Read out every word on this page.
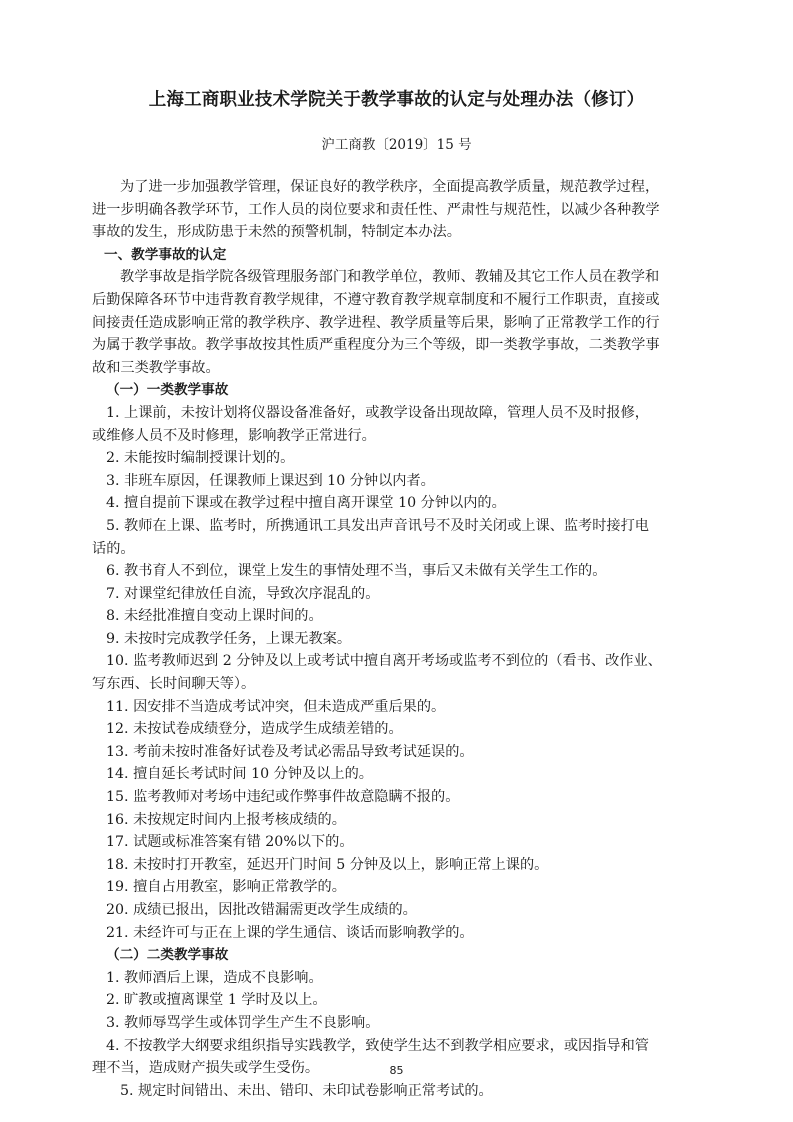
上海工商职业技术学院关于教学事故的认定与处理办法（修订）
沪工商教〔2019〕15 号

为了进一步加强教学管理，保证良好的教学秩序，全面提高教学质量，规范教学过程，

进一步明确各教学环节，工作人员的岗位要求和责任性、严肃性与规范性，以减少各种教学

事故的发生，形成防患于未然的预警机制，特制定本办法。

一、教学事故的认定

教学事故是指学院各级管理服务部门和教学单位，教师、教辅及其它工作人员在教学和

后勤保障各环节中违背教育教学规律，不遵守教育教学规章制度和不履行工作职责，直接或

间接责任造成影响正常的教学秩序、教学进程、教学质量等后果，影响了正常教学工作的行

为属于教学事故。教学事故按其性质严重程度分为三个等级，即一类教学事故，二类教学事

故和三类教学事故。

（一）一类教学事故

1. 上课前，未按计划将仪器设备准备好，或教学设备出现故障，管理人员不及时报修，

或维修人员不及时修理，影响教学正常进行。

2. 未能按时编制授课计划的。

3. 非班车原因，任课教师上课迟到 10 分钟以内者。

4. 擅自提前下课或在教学过程中擅自离开课堂 10 分钟以内的。

5. 教师在上课、监考时，所携通讯工具发出声音讯号不及时关闭或上课、监考时接打电

话的。

6. 教书育人不到位，课堂上发生的事情处理不当，事后又未做有关学生工作的。

7. 对课堂纪律放任自流，导致次序混乱的。

8. 未经批准擅自变动上课时间的。

9. 未按时完成教学任务，上课无教案。

10. 监考教师迟到 2 分钟及以上或考试中擅自离开考场或监考不到位的（看书、改作业、

写东西、长时间聊天等）。

11. 因安排不当造成考试冲突，但未造成严重后果的。

12. 未按试卷成绩登分，造成学生成绩差错的。

13. 考前未按时准备好试卷及考试必需品导致考试延误的。

14. 擅自延长考试时间 10 分钟及以上的。

15. 监考教师对考场中违纪或作弊事件故意隐瞒不报的。

16. 未按规定时间内上报考核成绩的。

17. 试题或标准答案有错 20%以下的。

18. 未按时打开教室，延迟开门时间 5 分钟及以上，影响正常上课的。

19. 擅自占用教室，影响正常教学的。

20. 成绩已报出，因批改错漏需更改学生成绩的。

21. 未经许可与正在上课的学生通信、谈话而影响教学的。

（二）二类教学事故

1. 教师酒后上课，造成不良影响。

2. 旷教或擅离课堂 1 学时及以上。

3. 教师辱骂学生或体罚学生产生不良影响。

4. 不按教学大纲要求组织指导实践教学，致使学生达不到教学相应要求，或因指导和管

理不当，造成财产损失或学生受伤。

5. 规定时间错出、未出、错印、未印试卷影响正常考试的。

85
